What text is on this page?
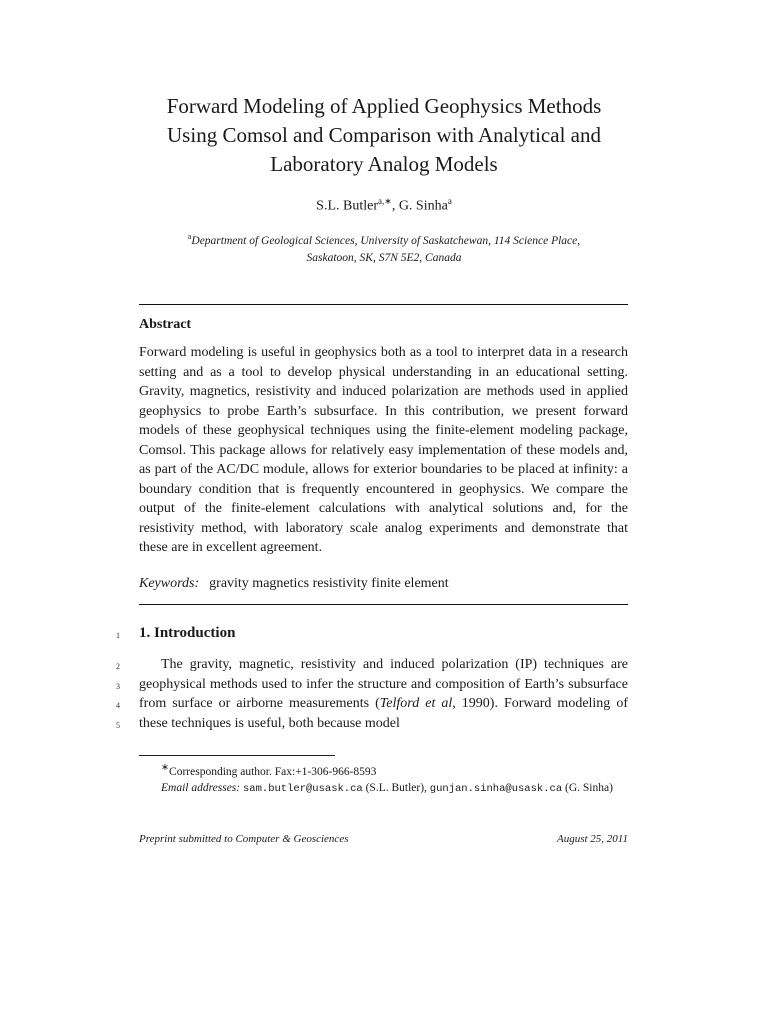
Forward Modeling of Applied Geophysics Methods
Using Comsol and Comparison with Analytical and
Laboratory Analog Models
S.L. Butler$^{a,∗}$, G. Sinha$^a$
$^a$Department of Geological Sciences, University of Saskatchewan, 114 Science Place,
Saskatoon, SK, S7N 5E2, Canada
Abstract

Forward modeling is useful in geophysics both as a tool to interpret data in a research setting and as a tool to develop physical understanding in an educational setting. Gravity, magnetics, resistivity and induced polarization are methods used in applied geophysics to probe Earth’s subsurface. In this contribution, we present forward models of these geophysical techniques using the finite-element modeling package, Comsol. This package allows for relatively easy implementation of these models and, as part of the AC/DC module, allows for exterior boundaries to be placed at infinity: a boundary condition that is frequently encountered in geophysics. We compare the output of the finite-element calculations with analytical solutions and, for the resistivity method, with laboratory scale analog experiments and demonstrate that these are in excellent agreement.

Keywords: gravity magnetics resistivity finite element
1
2
3
4
5
1. Introduction

The gravity, magnetic, resistivity and induced polarization (IP) techniques are geophysical methods used to infer the structure and composition of Earth’s subsurface from surface or airborne measurements (Telford et al, 1990). Forward modeling of these techniques is useful, both because model

∗Corresponding author. Fax:+1-306-966-8593
Email addresses: sam.butler@usask.ca (S.L. Butler), gunjan.sinha@usask.ca (G. Sinha)
Preprint submitted to Computer & Geosciences	August 25, 2011
